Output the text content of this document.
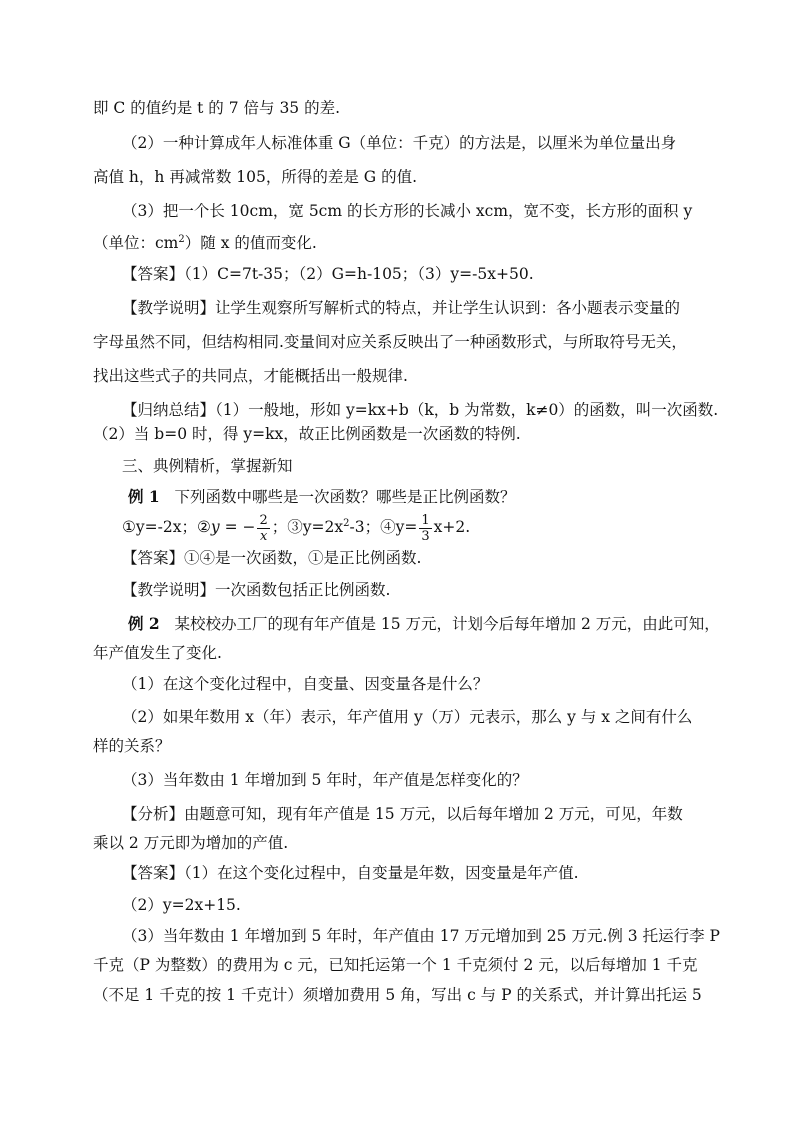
即 C 的值约是 t 的 7 倍与 35 的差.
（2）一种计算成年人标准体重 G（单位：千克）的方法是，以厘米为单位量出身
高值 h，h 再减常数 105，所得的差是 G 的值.
（3）把一个长 10cm，宽 5cm 的长方形的长减小 xcm，宽不变，长方形的面积 y
（单位：$cm^2$）随 x 的值而变化.
【答案】（1）C=7t-35；（2）G=h-105；（3）y=-5x+50.
【教学说明】让学生观察所写解析式的特点，并让学生认识到：各小题表示变量的
字母虽然不同，但结构相同.变量间对应关系反映出了一种函数形式，与所取符号无关，
找出这些式子的共同点，才能概括出一般规律.
【归纳总结】（1）一般地，形如 y=kx+b（k，b 为常数，k≠0）的函数，叫一次函数.
（2）当 b=0 时，得 y=kx，故正比例函数是一次函数的特例.
三、典例精析，掌握新知
例 1 下列函数中哪些是一次函数？哪些是正比例函数？
①y=-2x；②y = − $\frac{2}{x}$ ；$③y=2x^2-3$；④y= $\frac{1}{3} x+2$.
【答案】①④是一次函数，①是正比例函数.
【教学说明】一次函数包括正比例函数.
例 2 某校校办工厂的现有年产值是 15 万元，计划今后每年增加 2 万元，由此可知，
年产值发生了变化.
（1）在这个变化过程中，自变量、因变量各是什么？
（2）如果年数用 x（年）表示，年产值用 y（万）元表示，那么 y 与 x 之间有什么
样的关系？
（3）当年数由 1 年增加到 5 年时，年产值是怎样变化的？
【分析】由题意可知，现有年产值是 15 万元，以后每年增加 2 万元，可见，年数
乘以 2 万元即为增加的产值.
【答案】（1）在这个变化过程中，自变量是年数，因变量是年产值.
（2）y=2x+15.
（3）当年数由 1 年增加到 5 年时，年产值由 17 万元增加到 25 万元.例 3 托运行李 P
千克（P 为整数）的费用为 c 元，已知托运第一个 1 千克须付 2 元，以后每增加 1 千克
（不足 1 千克的按 1 千克计）须增加费用 5 角，写出 c 与 P 的关系式，并计算出托运 5
